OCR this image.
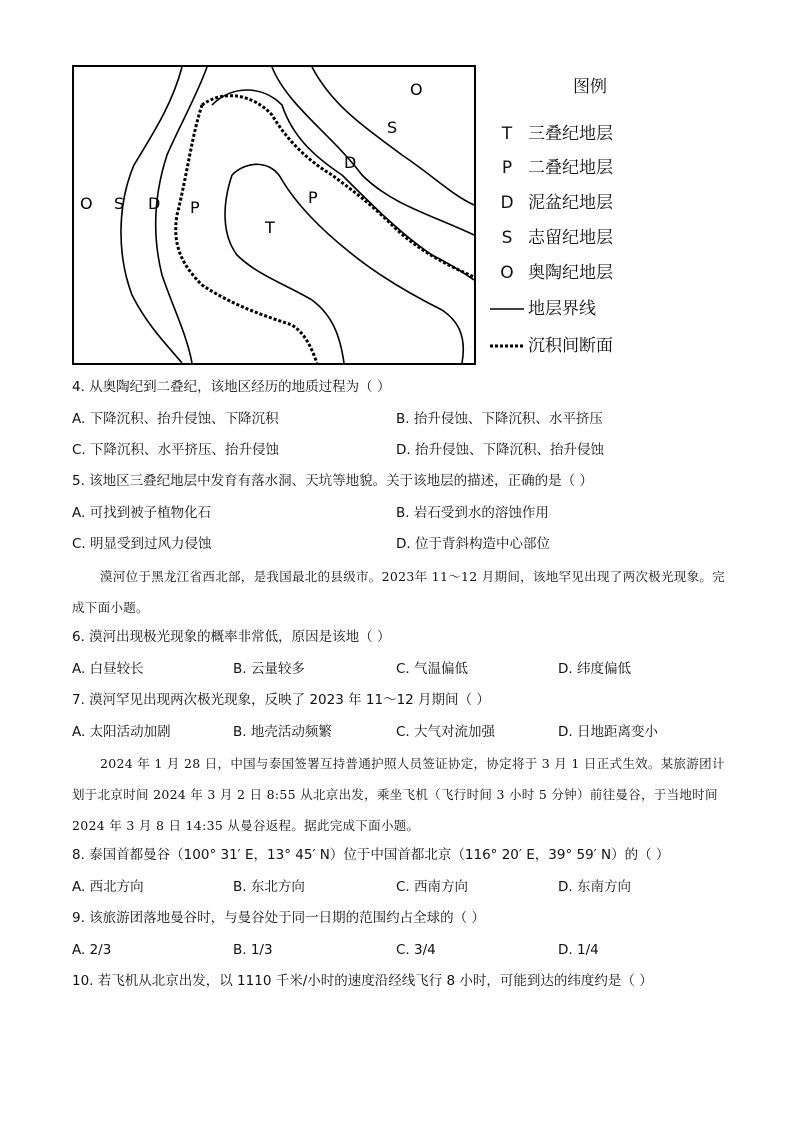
O
S
D
P
T
O S D P
图例
T 三叠纪地层
P 二叠纪地层
D 泥盆纪地层
S 志留纪地层
O 奥陶纪地层
地层界线
沉积间断面
4. 从奥陶纪到二叠纪，该地区经历的地质过程为（ ）
A. 下降沉积、抬升侵蚀、下降沉积	B. 抬升侵蚀、下降沉积、水平挤压
C. 下降沉积、水平挤压、抬升侵蚀	D. 抬升侵蚀、下降沉积、抬升侵蚀
5. 该地区三叠纪地层中发育有落水洞、天坑等地貌。关于该地层的描述，正确的是（ ）
A. 可找到被子植物化石	B. 岩石受到水的溶蚀作用
C. 明显受到过风力侵蚀	D. 位于背斜构造中心部位
漠河位于黑龙江省西北部，是我国最北的县级市。2023年 11～12 月期间，该地罕见出现了两次极光现象。完成下面小题。
6. 漠河出现极光现象的概率非常低，原因是该地（ ）
A. 白昼较长	B. 云量较多	C. 气温偏低	D. 纬度偏低
7. 漠河罕见出现两次极光现象，反映了 2023 年 11～12 月期间（ ）
A. 太阳活动加剧	B. 地壳活动频繁	C. 大气对流加强	D. 日地距离变小
2024 年 1 月 28 日，中国与泰国签署互持普通护照人员签证协定，协定将于 3 月 1 日正式生效。某旅游团计划于北京时间 2024 年 3 月 2 日 8:55 从北京出发，乘坐飞机（飞行时间 3 小时 5 分钟）前往曼谷，于当地时间 2024 年 3 月 8 日 14:35 从曼谷返程。据此完成下面小题。
8. 泰国首都曼谷（100° 31′ E，13° 45′ N）位于中国首都北京（116° 20′ E，39° 59′ N）的（ ）
A. 西北方向	B. 东北方向	C. 西南方向	D. 东南方向
9. 该旅游团落地曼谷时，与曼谷处于同一日期的范围约占全球的（ ）
A. 2/3	B. 1/3	C. 3/4	D. 1/4
10. 若飞机从北京出发，以 1110 千米/小时的速度沿经线飞行 8 小时，可能到达的纬度约是（ ）
